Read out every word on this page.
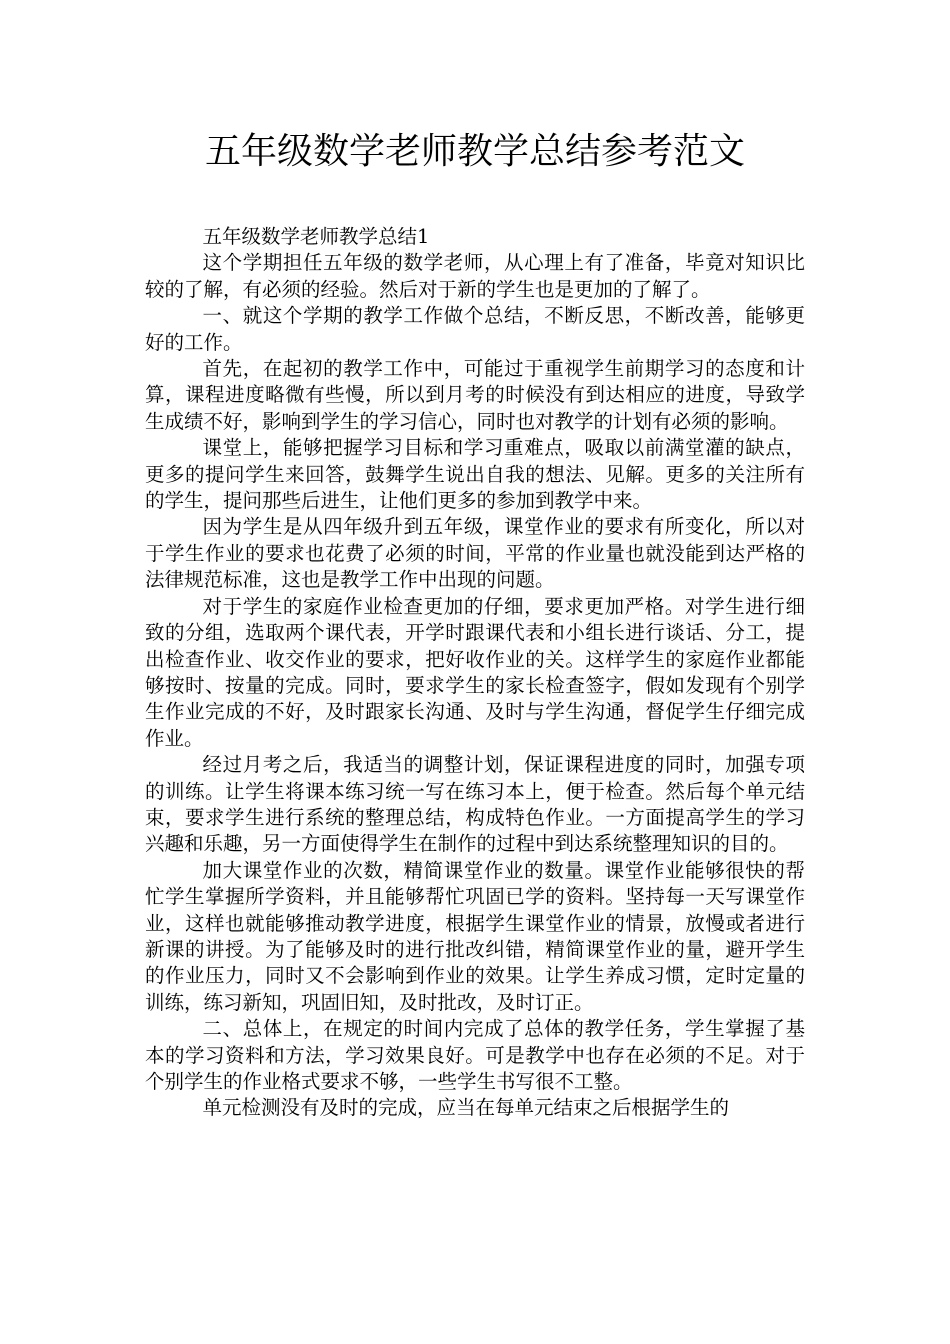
五年级数学老师教学总结参考范文

五年级数学老师教学总结1

这个学期担任五年级的数学老师，从心理上有了准备，毕竟对知识比较的了解，有必须的经验。然后对于新的学生也是更加的了解了。

一、就这个学期的教学工作做个总结，不断反思，不断改善，能够更好的工作。

首先，在起初的教学工作中，可能过于重视学生前期学习的态度和计算，课程进度略微有些慢，所以到月考的时候没有到达相应的进度，导致学生成绩不好，影响到学生的学习信心，同时也对教学的计划有必须的影响。

课堂上，能够把握学习目标和学习重难点，吸取以前满堂灌的缺点，更多的提问学生来回答，鼓舞学生说出自我的想法、见解。更多的关注所有的学生，提问那些后进生，让他们更多的参加到教学中来。

因为学生是从四年级升到五年级，课堂作业的要求有所变化，所以对于学生作业的要求也花费了必须的时间，平常的作业量也就没能到达严格的法律规范标准，这也是教学工作中出现的问题。

对于学生的家庭作业检查更加的仔细，要求更加严格。对学生进行细致的分组，选取两个课代表，开学时跟课代表和小组长进行谈话、分工，提出检查作业、收交作业的要求，把好收作业的关。这样学生的家庭作业都能够按时、按量的完成。同时，要求学生的家长检查签字，假如发现有个别学生作业完成的不好，及时跟家长沟通、及时与学生沟通，督促学生仔细完成作业。

经过月考之后，我适当的调整计划，保证课程进度的同时，加强专项的训练。让学生将课本练习统一写在练习本上，便于检查。然后每个单元结束，要求学生进行系统的整理总结，构成特色作业。一方面提高学生的学习兴趣和乐趣，另一方面使得学生在制作的过程中到达系统整理知识的目的。

加大课堂作业的次数，精简课堂作业的数量。课堂作业能够很快的帮忙学生掌握所学资料，并且能够帮忙巩固已学的资料。坚持每一天写课堂作业，这样也就能够推动教学进度，根据学生课堂作业的情景，放慢或者进行新课的讲授。为了能够及时的进行批改纠错，精简课堂作业的量，避开学生的作业压力，同时又不会影响到作业的效果。让学生养成习惯，定时定量的训练，练习新知，巩固旧知，及时批改，及时订正。

二、总体上，在规定的时间内完成了总体的教学任务，学生掌握了基本的学习资料和方法，学习效果良好。可是教学中也存在必须的不足。对于个别学生的作业格式要求不够，一些学生书写很不工整。

单元检测没有及时的完成，应当在每单元结束之后根据学生的
